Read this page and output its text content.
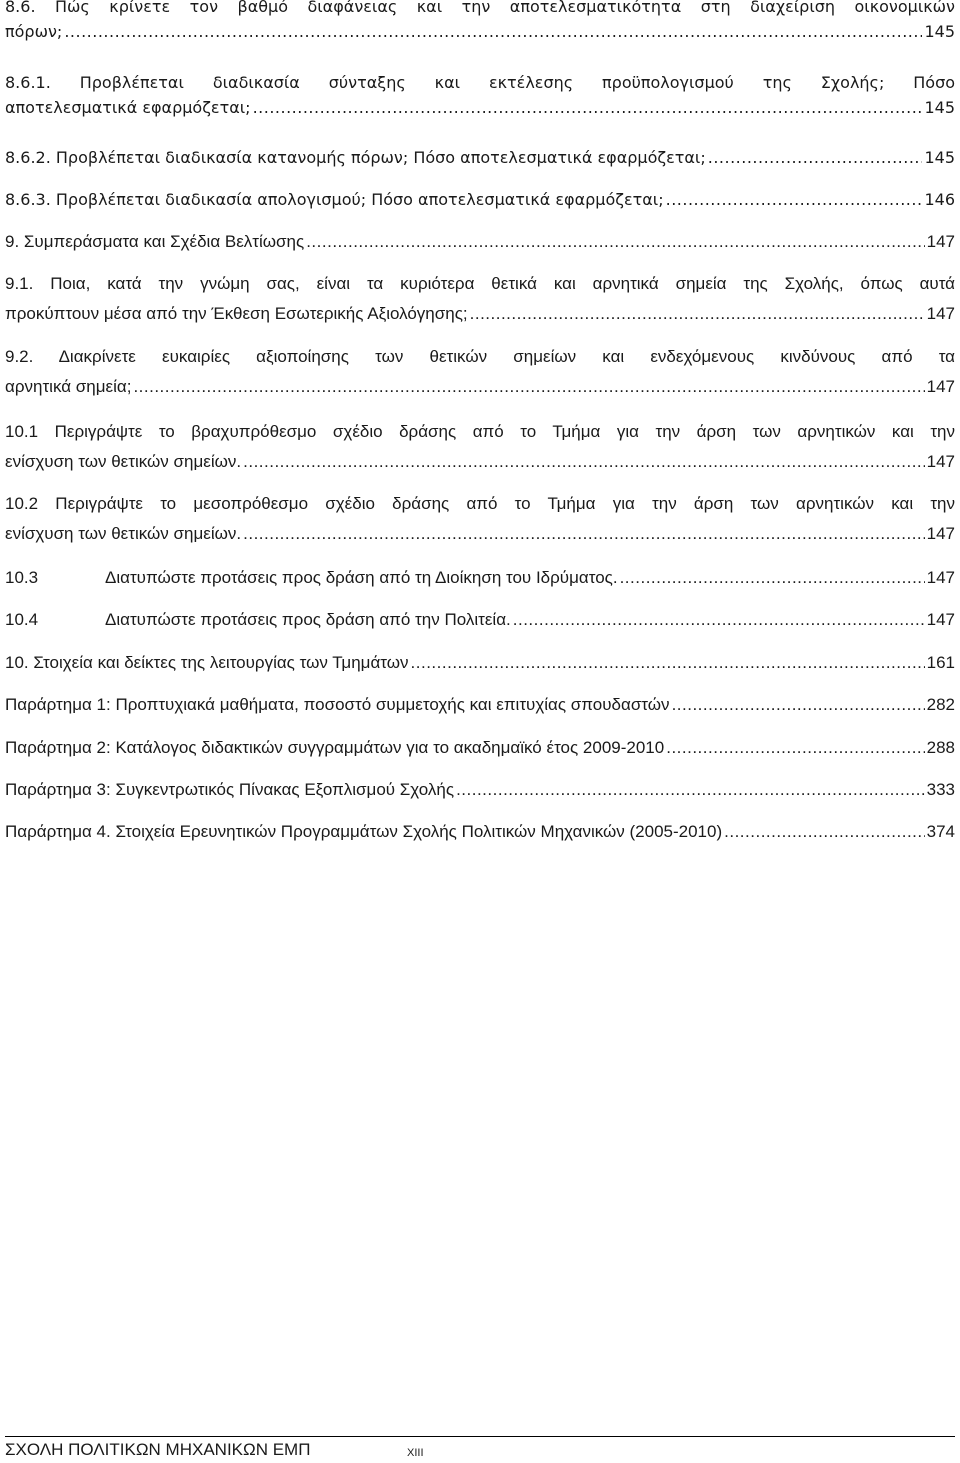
8.6. Πώς κρίνετε τον βαθμό διαφάνειας και την αποτελεσματικότητα στη διαχείριση οικονομικών
πόρων; .....	145
8.6.1. Προβλέπεται διαδικασία σύνταξης και εκτέλεσης προϋπολογισμού της Σχολής; Πόσο
αποτελεσματικά εφαρμόζεται; .....	145
8.6.2. Προβλέπεται διαδικασία κατανομής πόρων; Πόσο αποτελεσματικά εφαρμόζεται; .....	145
8.6.3. Προβλέπεται διαδικασία απολογισμού; Πόσο αποτελεσματικά εφαρμόζεται; .....	146
9. Συμπεράσματα και Σχέδια Βελτίωσης .....	147
9.1. Ποια, κατά την γνώμη σας, είναι τα κυριότερα θετικά και αρνητικά σημεία της Σχολής, όπως αυτά
προκύπτουν μέσα από την Έκθεση Εσωτερικής Αξιολόγησης; .....	147
9.2. Διακρίνετε ευκαιρίες αξιοποίησης των θετικών σημείων και ενδεχόμενους κινδύνους από τα
αρνητικά σημεία; .....	147
10.1 Περιγράψτε το βραχυπρόθεσμο σχέδιο δράσης από το Τμήμα για την άρση των αρνητικών και την
ενίσχυση των θετικών σημείων. .....	147
10.2 Περιγράψτε το μεσοπρόθεσμο σχέδιο δράσης από το Τμήμα για την άρση των αρνητικών και την
ενίσχυση των θετικών σημείων. .....	147
10.3	Διατυπώστε προτάσεις προς δράση από τη Διοίκηση του Ιδρύματος. .....	147
10.4	Διατυπώστε προτάσεις προς δράση από την Πολιτεία. .....	147
10. Στοιχεία και δείκτες της λειτουργίας των Τμημάτων .....	161
Παράρτημα 1: Προπτυχιακά μαθήματα, ποσοστό συμμετοχής και επιτυχίας σπουδαστών .....	282
Παράρτημα 2: Κατάλογος διδακτικών συγγραμμάτων για το ακαδημαϊκό έτος 2009-2010 .....	288
Παράρτημα 3: Συγκεντρωτικός Πίνακας Εξοπλισμού Σχολής .....	333
Παράρτημα 4. Στοιχεία Ερευνητικών Προγραμμάτων Σχολής Πολιτικών Μηχανικών (2005-2010) .....	374
ΣΧΟΛΗ ΠΟΛΙΤΙΚΩΝ ΜΗΧΑΝΙΚΩΝ ΕΜΠ	XIII
